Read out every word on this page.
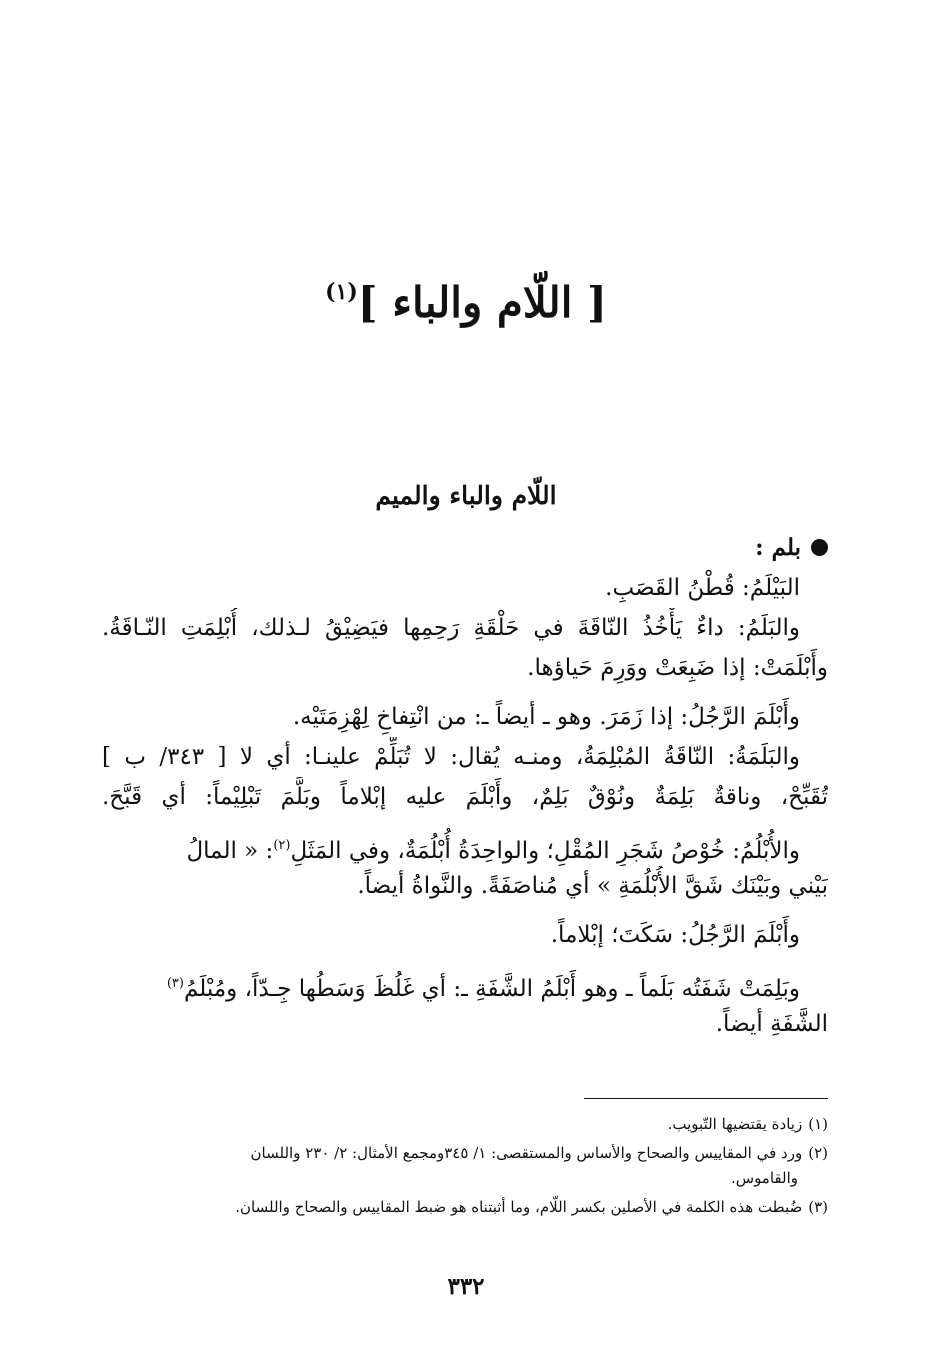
[ اللّام والباء ]$^{(١)}$
اللّام والباء والميم
بلم :
البَيْلَمُ: قُطْنُ القَصَبِ.
والبَلَمُ: داءٌ يَأْخُذُ النّاقَةَ في حَلْقَةِ رَحِمِها فيَضِيْقُ لـذلك، أُبْلِمَتِ النّـاقَةُ.
وأَبْلَمَتْ: إذا ضَبِعَتْ ووَرِمَ حَياؤها.
وأَبْلَمَ الرَّجُلُ: إذا زَمَرَ. وهو ـ أيضاً ـ: من انْتِفاخِ لِهْزِمَتَيْه.
والبَلَمَةُ: النّاقَةُ المُبْلِمَةُ، ومنـه يُقال: لا تُبَلِّمْ علينـا: أي لا [ ٣٤٣/ ب ]
تُقَبِّحْ، وناقةٌ بَلِمَةٌ ونُوْقٌ بَلِمٌ، وأَبْلَمَ عليه إبْلاماً وبَلَّمَ تَبْلِيْماً: أي قَبَّحَ.
والأُبْلُمُ: خُوْصُ شَجَرِ المُقْلِ؛ والواحِدَةُ أُبْلُمَةٌ، وفي المَثَلِ$^{(٢)}$: « المالُ
بَيْني وبَيْنَك شَقَّ الأُبْلُمَةِ » أي مُناصَفَةً. والنَّواةُ أيضاً.
وأَبْلَمَ الرَّجُلُ: سَكَتَ؛ إبْلاماً.
وبَلِمَتْ شَفَتُه بَلَماً ـ وهو أَبْلَمُ الشَّفَةِ ـ: أي غَلُظَ وَسَطُها جِـدّاً، ومُبْلَمُ$^{(٣)}$
الشَّفَةِ أيضاً.
(١)زيادة يقتضيها التّبويب.
(٢)ورد في المقاييس والصحاح والأساس والمستقصى: ١/ ٣٤٥ومجمع الأمثال: ٢/ ٢٣٠ واللسان
والقاموس.
(٣)ضُبطت هذه الكلمة في الأصلين بكسر اللّام، وما أثبتناه هو ضبط المقاييس والصحاح واللسان.
٣٣٢
